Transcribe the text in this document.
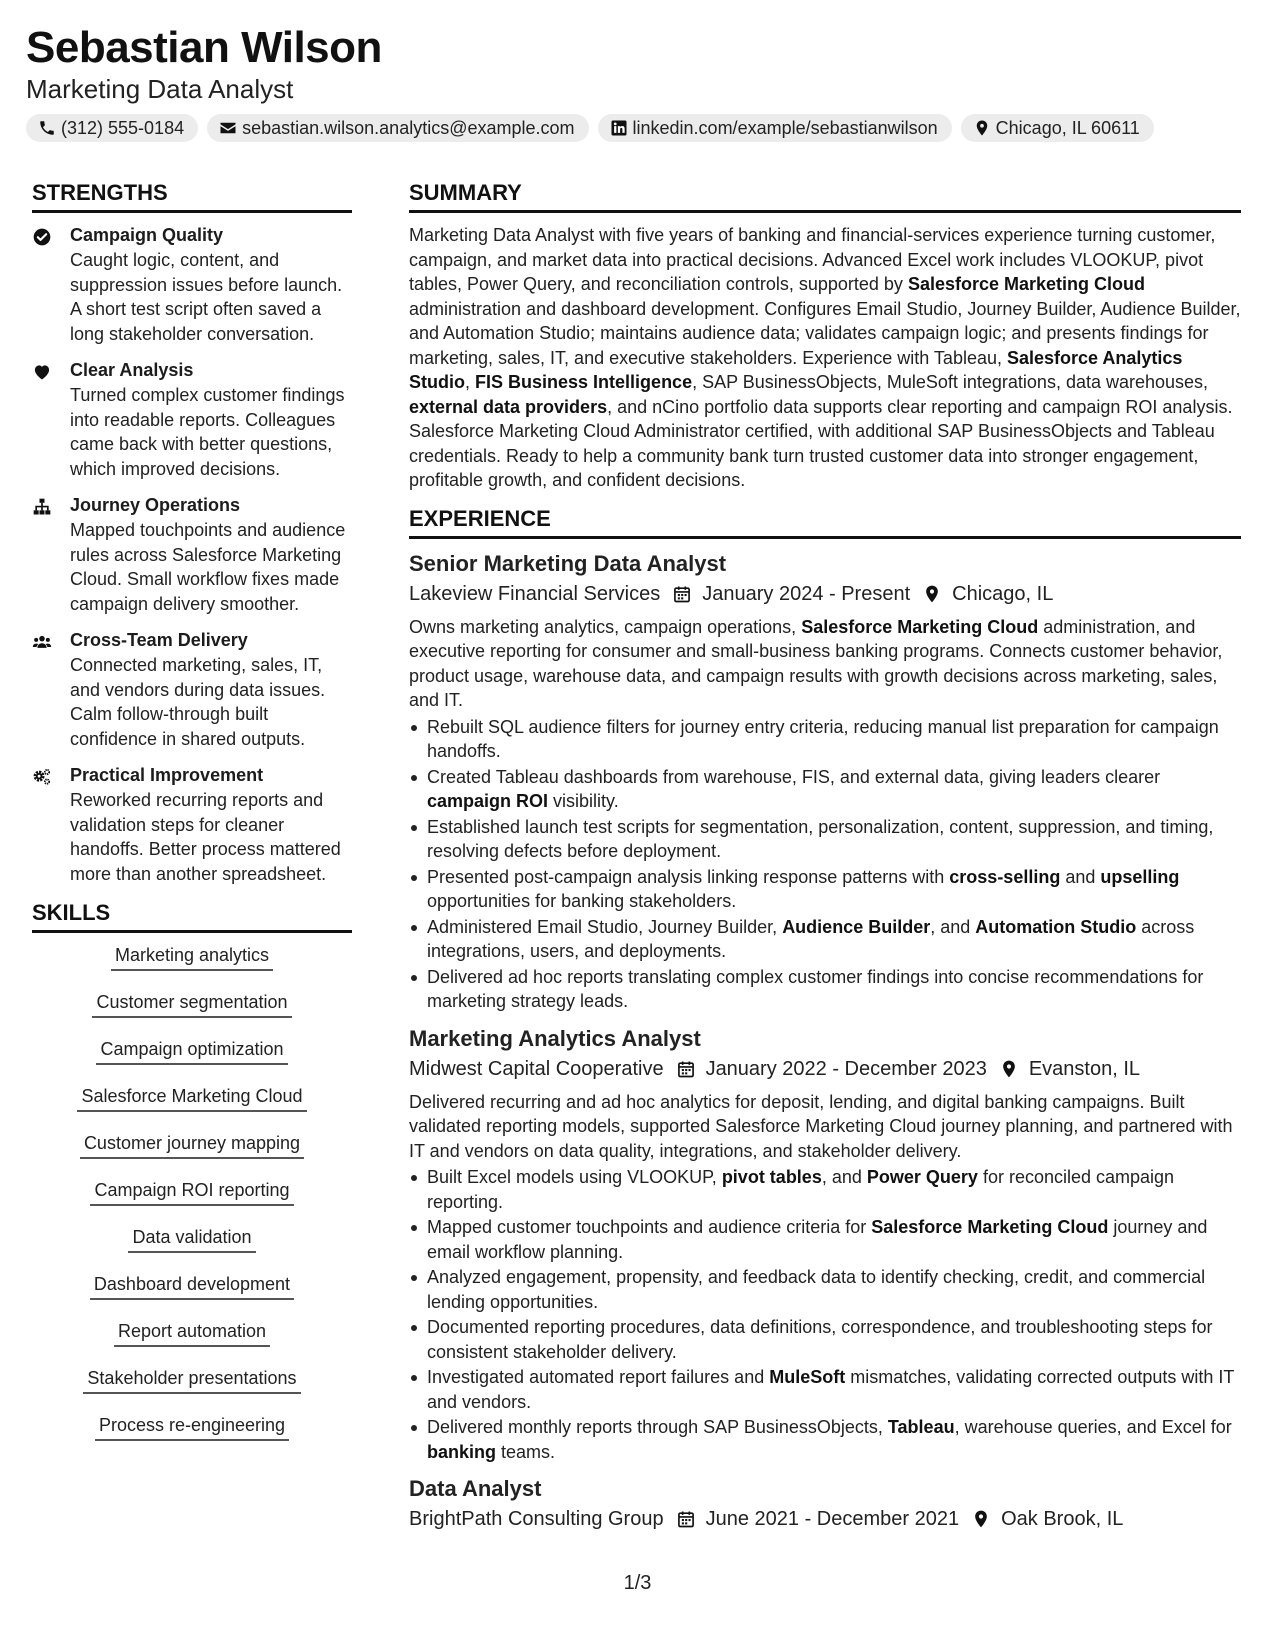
Sebastian Wilson
Marketing Data Analyst
(312) 555-0184	sebastian.wilson.analytics@example.com	linkedin.com/example/sebastianwilson	Chicago, IL 60611
STRENGTHS
Campaign Quality
Caught logic, content, and suppression issues before launch. A short test script often saved a long stakeholder conversation.
Clear Analysis
Turned complex customer findings into readable reports. Colleagues came back with better questions, which improved decisions.
Journey Operations
Mapped touchpoints and audience rules across Salesforce Marketing Cloud. Small workflow fixes made campaign delivery smoother.
Cross-Team Delivery
Connected marketing, sales, IT, and vendors during data issues. Calm follow-through built confidence in shared outputs.
Practical Improvement
Reworked recurring reports and validation steps for cleaner handoffs. Better process mattered more than another spreadsheet.
SKILLS
Marketing analytics
Customer segmentation
Campaign optimization
Salesforce Marketing Cloud
Customer journey mapping
Campaign ROI reporting
Data validation
Dashboard development
Report automation
Stakeholder presentations
Process re-engineering
SUMMARY
Marketing Data Analyst with five years of banking and financial-services experience turning customer, campaign, and market data into practical decisions. Advanced Excel work includes VLOOKUP, pivot tables, Power Query, and reconciliation controls, supported by Salesforce Marketing Cloud administration and dashboard development. Configures Email Studio, Journey Builder, Audience Builder, and Automation Studio; maintains audience data; validates campaign logic; and presents findings for marketing, sales, IT, and executive stakeholders. Experience with Tableau, Salesforce Analytics Studio, FIS Business Intelligence, SAP BusinessObjects, MuleSoft integrations, data warehouses, external data providers, and nCino portfolio data supports clear reporting and campaign ROI analysis. Salesforce Marketing Cloud Administrator certified, with additional SAP BusinessObjects and Tableau credentials. Ready to help a community bank turn trusted customer data into stronger engagement, profitable growth, and confident decisions.
EXPERIENCE
Senior Marketing Data Analyst
Lakeview Financial Services January 2024 - Present Chicago, IL
Owns marketing analytics, campaign operations, Salesforce Marketing Cloud administration, and executive reporting for consumer and small-business banking programs. Connects customer behavior, product usage, warehouse data, and campaign results with growth decisions across marketing, sales, and IT.
Rebuilt SQL audience filters for journey entry criteria, reducing manual list preparation for campaign handoffs.
Created Tableau dashboards from warehouse, FIS, and external data, giving leaders clearer campaign ROI visibility.
Established launch test scripts for segmentation, personalization, content, suppression, and timing, resolving defects before deployment.
Presented post-campaign analysis linking response patterns with cross-selling and upselling opportunities for banking stakeholders.
Administered Email Studio, Journey Builder, Audience Builder, and Automation Studio across integrations, users, and deployments.
Delivered ad hoc reports translating complex customer findings into concise recommendations for marketing strategy leads.
Marketing Analytics Analyst
Midwest Capital Cooperative January 2022 - December 2023 Evanston, IL
Delivered recurring and ad hoc analytics for deposit, lending, and digital banking campaigns. Built validated reporting models, supported Salesforce Marketing Cloud journey planning, and partnered with IT and vendors on data quality, integrations, and stakeholder delivery.
Built Excel models using VLOOKUP, pivot tables, and Power Query for reconciled campaign reporting.
Mapped customer touchpoints and audience criteria for Salesforce Marketing Cloud journey and email workflow planning.
Analyzed engagement, propensity, and feedback data to identify checking, credit, and commercial lending opportunities.
Documented reporting procedures, data definitions, correspondence, and troubleshooting steps for consistent stakeholder delivery.
Investigated automated report failures and MuleSoft mismatches, validating corrected outputs with IT and vendors.
Delivered monthly reports through SAP BusinessObjects, Tableau, warehouse queries, and Excel for banking teams.
Data Analyst
BrightPath Consulting Group June 2021 - December 2021 Oak Brook, IL
1/3
